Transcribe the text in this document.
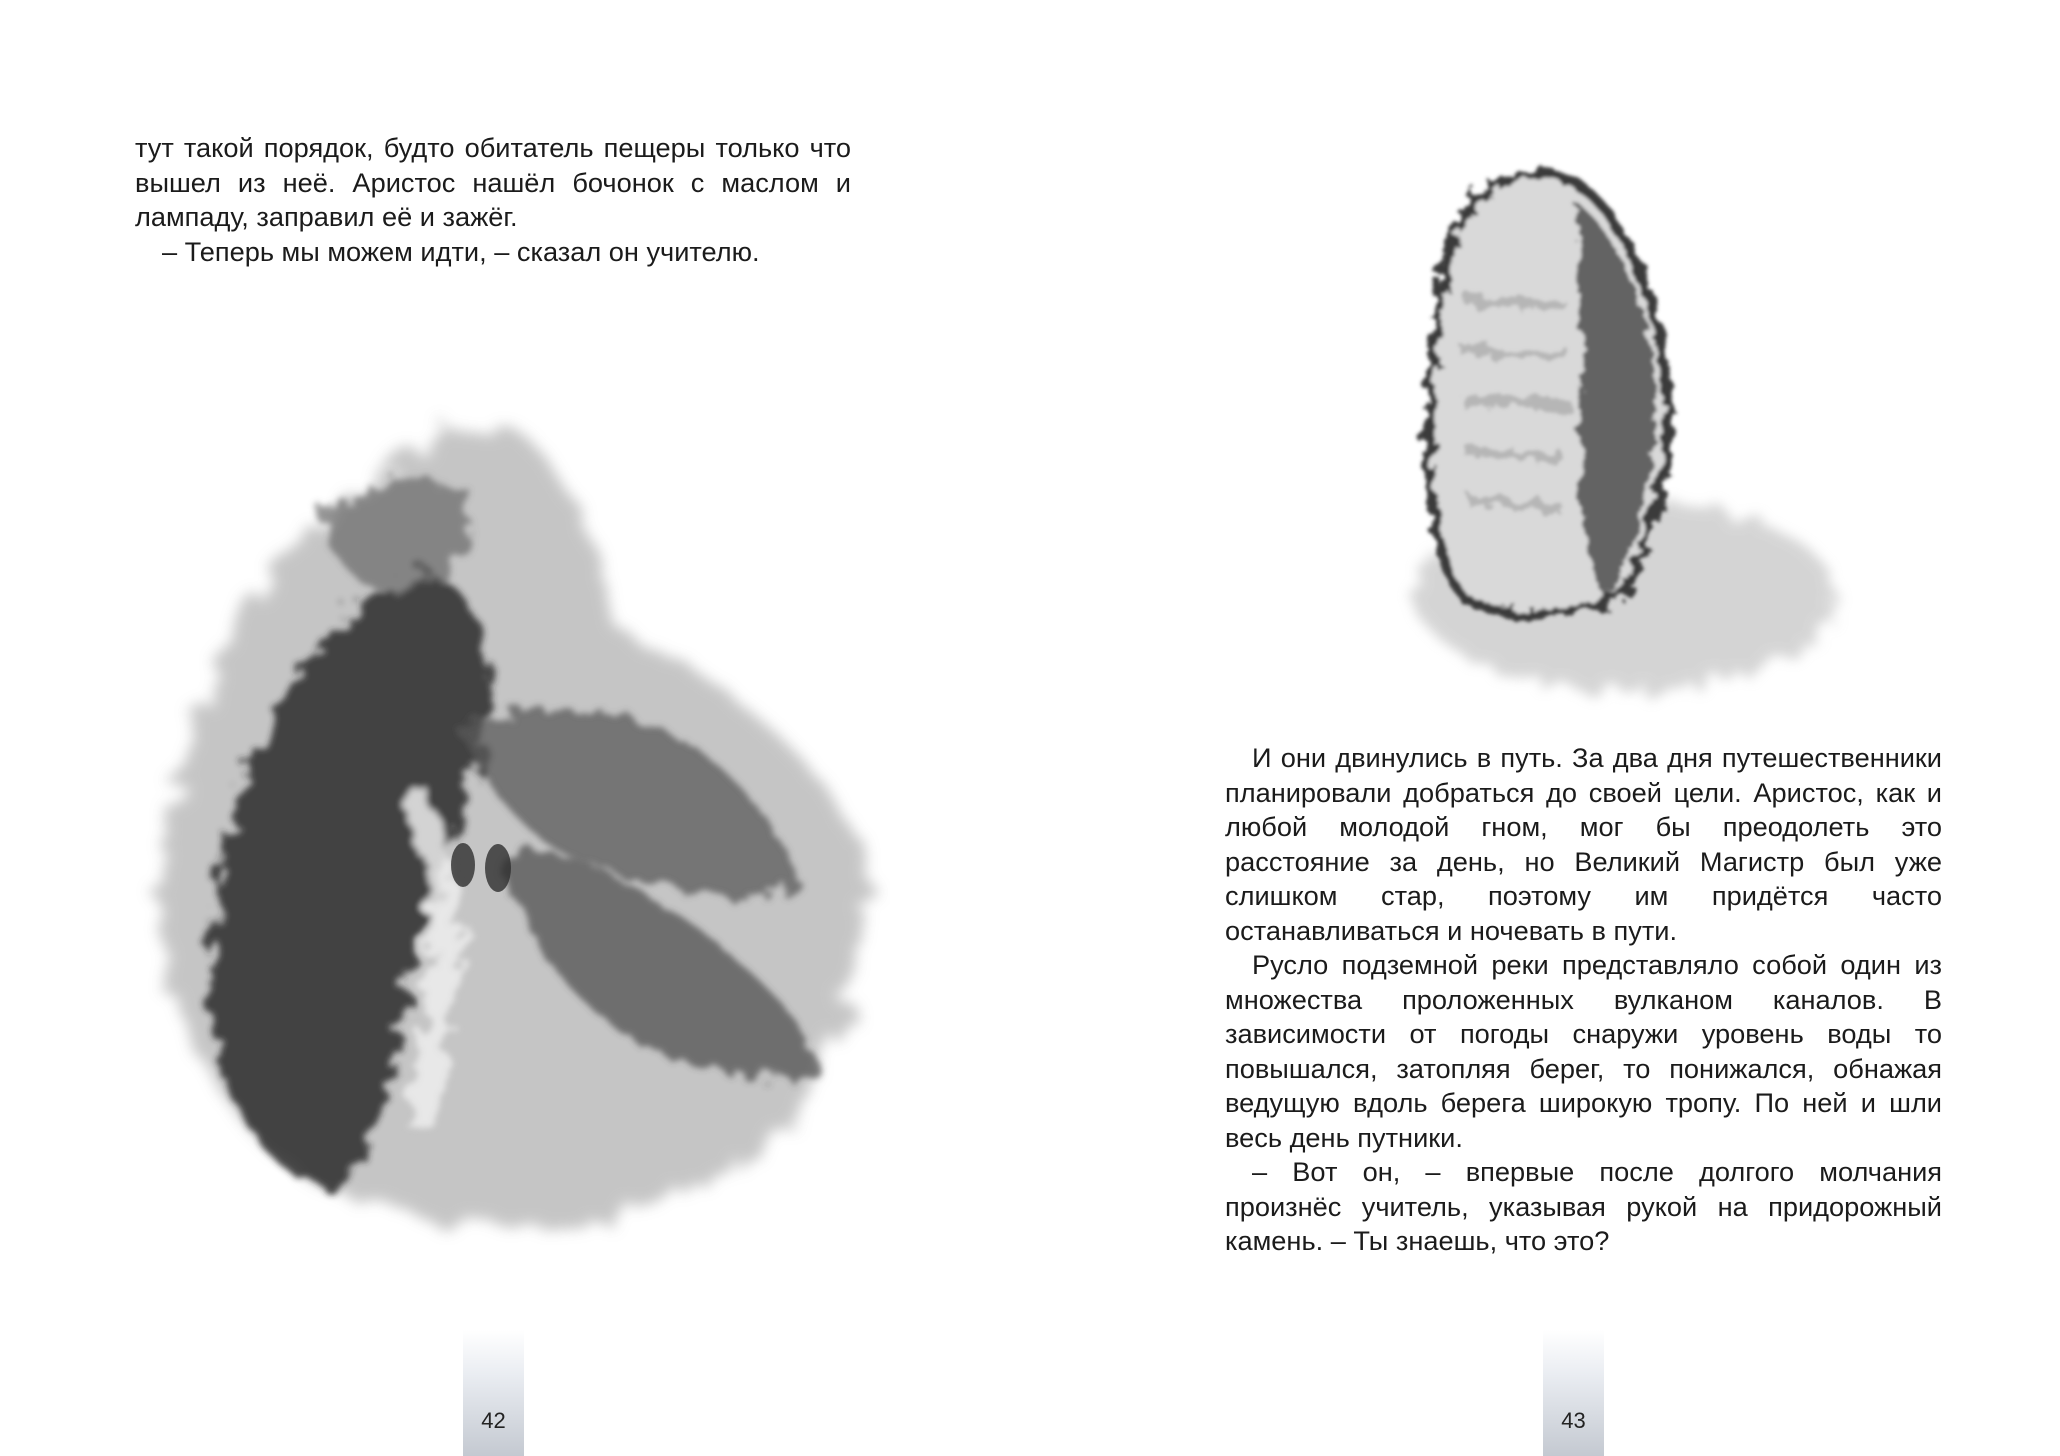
тут такой порядок, будто обитатель пещеры только что вышел из неё. Аристос нашёл бочонок с маслом и лампаду, заправил её и зажёг.

– Теперь мы можем идти, – сказал он учителю.

И они двинулись в путь. За два дня путешественники планировали добраться до своей цели. Аристос, как и любой молодой гном, мог бы преодолеть это расстояние за день, но Великий Магистр был уже слишком стар, поэтому им придётся часто останавливаться и ночевать в пути.

Русло подземной реки представляло собой один из множества проложенных вулканом каналов. В зависимости от погоды снаружи уровень воды то повышался, затопляя берег, то понижался, обнажая ведущую вдоль берега широкую тропу. По ней и шли весь день путники.

– Вот он, – впервые после долгого молчания произнёс учитель, указывая рукой на придорожный камень. – Ты знаешь, что это?

42	43
